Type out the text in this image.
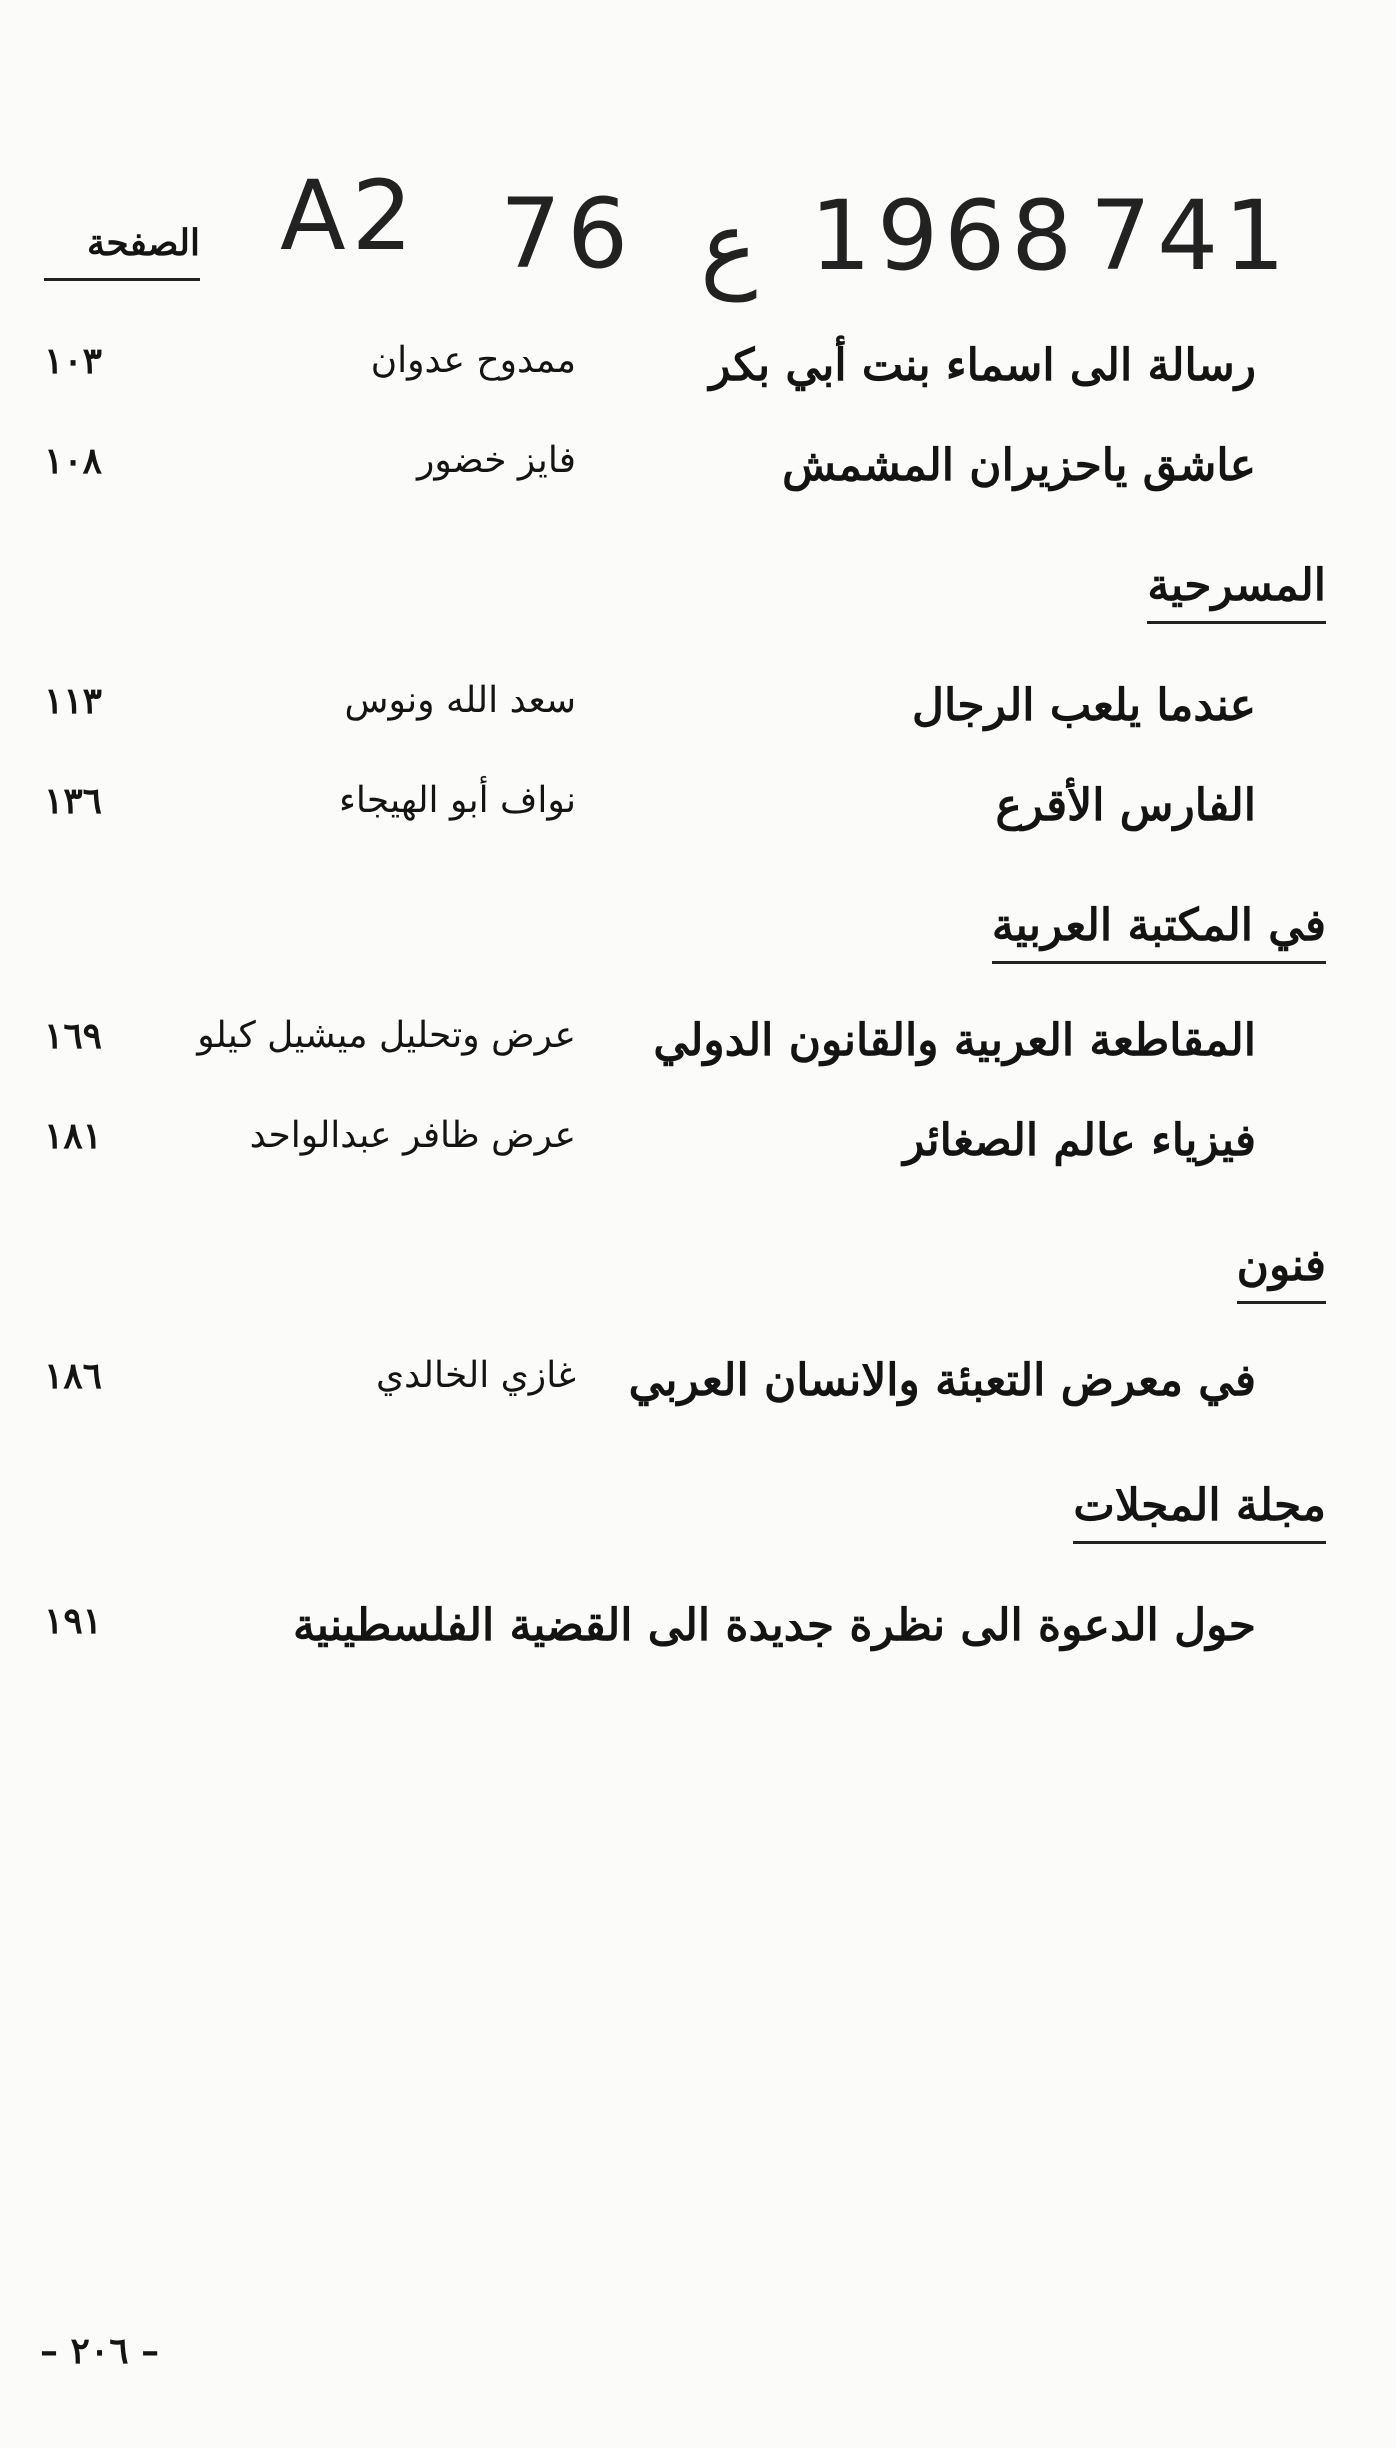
A2 76 ع 1968 741
الصفحة
رسالة الى اسماء بنت أبي بكر
ممدوح عدوان
١٠٣
عاشق ياحزيران المشمش
فايز خضور
١٠٨
المسرحية
عندما يلعب الرجال
سعد الله ونوس
١١٣
الفارس الأقرع
نواف أبو الهيجاء
١٣٦
في المكتبة العربية
المقاطعة العربية والقانون الدولي
عرض وتحليل ميشيل كيلو
١٦٩
فيزياء عالم الصغائر
عرض ظافر عبدالواحد
١٨١
فنون
في معرض التعبئة والانسان العربي
غازي الخالدي
١٨٦
مجلة المجلات
حول الدعوة الى نظرة جديدة الى القضية الفلسطينية
١٩١
– ٢٠٦ –
